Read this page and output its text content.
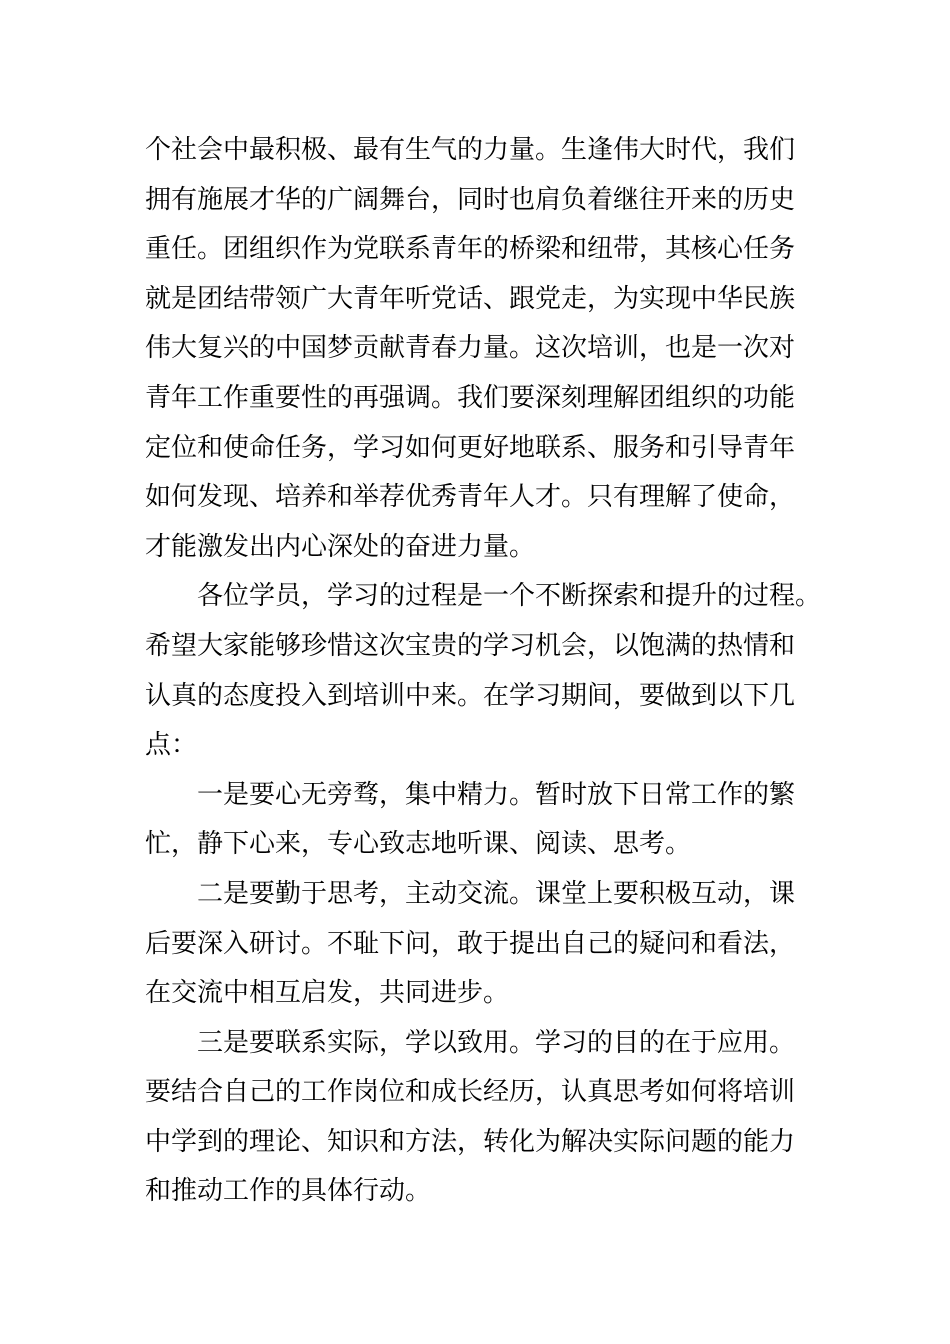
个社会中最积极、最有生气的力量。生逢伟大时代，我们
拥有施展才华的广阔舞台，同时也肩负着继往开来的历史
重任。团组织作为党联系青年的桥梁和纽带，其核心任务
就是团结带领广大青年听党话、跟党走，为实现中华民族
伟大复兴的中国梦贡献青春力量。这次培训，也是一次对
青年工作重要性的再强调。我们要深刻理解团组织的功能
定位和使命任务，学习如何更好地联系、服务和引导青年
如何发现、培养和举荐优秀青年人才。只有理解了使命，
才能激发出内心深处的奋进力量。
各位学员，学习的过程是一个不断探索和提升的过程。
希望大家能够珍惜这次宝贵的学习机会，以饱满的热情和
认真的态度投入到培训中来。在学习期间，要做到以下几
点：
一是要心无旁骛，集中精力。暂时放下日常工作的繁
忙，静下心来，专心致志地听课、阅读、思考。
二是要勤于思考，主动交流。课堂上要积极互动，课
后要深入研讨。不耻下问，敢于提出自己的疑问和看法，
在交流中相互启发，共同进步。
三是要联系实际，学以致用。学习的目的在于应用。
要结合自己的工作岗位和成长经历，认真思考如何将培训
中学到的理论、知识和方法，转化为解决实际问题的能力
和推动工作的具体行动。
